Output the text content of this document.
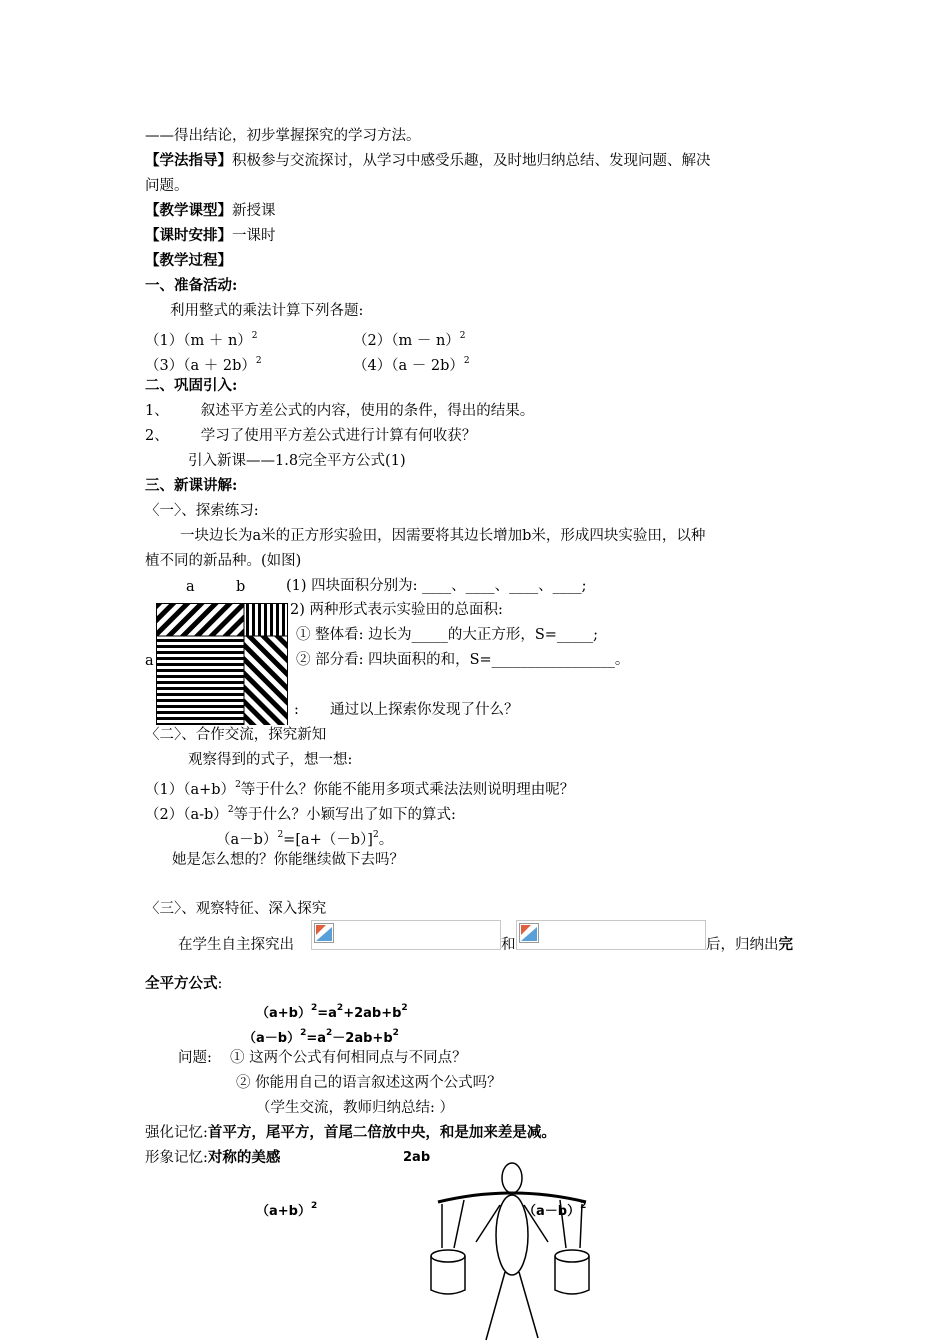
——得出结论，初步掌握探究的学习方法。
【学法指导】积极参与交流探讨，从学习中感受乐趣，及时地归纳总结、发现问题、解决
问题。
【教学课型】新授课
【课时安排】一课时
【教学过程】
一、准备活动:
利用整式的乘法计算下列各题:
$(1)(m + n)^2$	$(2)(m - n)^2$
$(3)(a + 2b)^2$	$(4)(a - 2b)^2$
二、巩固引入:
1、 叙述平方差公式的内容，使用的条件，得出的结果。
2、 学习了使用平方差公式进行计算有何收获？
引入新课——1.8完全平方公式(1)
三、新课讲解:
〈一〉、探索练习:
一块边长为a米的正方形实验田，因需要将其边长增加b米，形成四块实验田，以种
植不同的新品种。(如图)
a	b
a
(1) 四块面积分别为: ____、____、____、____;
2) 两种形式表示实验田的总面积:
① 整体看: 边长为_____的大正方形，S=_____;
② 部分看: 四块面积的和，S=_________________。
: 通过以上探索你发现了什么？
〈二〉、合作交流，探究新知
观察得到的式子，想一想:
$(1)(a+b)^2$等于什么？你能不能用多项式乘法法则说明理由呢？
$(2)(a-b)^2$等于什么？小颖写出了如下的算式:
$(a-b)^2=[a+(-b)]^2$。
她是怎么想的？你能继续做下去吗？
〈三〉、观察特征、深入探究
在学生自主探究出	和	后，归纳出完
全平方公式:
$(a+b)^2=a^2+2ab+b^2$
$(a-b)^2=a^2-2ab+b^2$
问题: ① 这两个公式有何相同点与不同点？
② 你能用自己的语言叙述这两个公式吗？
（学生交流，教师归纳总结: ）
强化记忆:首平方，尾平方，首尾二倍放中央，和是加来差是减。
形象记忆:对称的美感	2ab
$(a+b)^2$	$(a-b)^2$
